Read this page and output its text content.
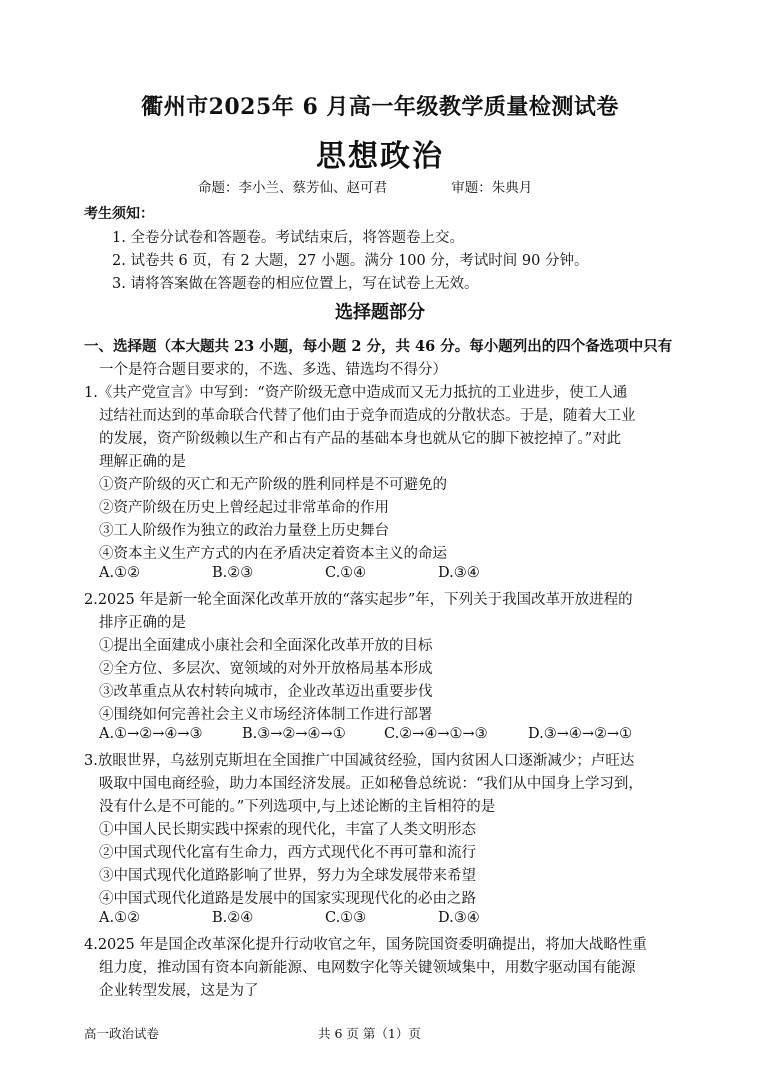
衢州市2025年 6 月高一年级教学质量检测试卷
思想政治
命题：李小兰、蔡芳仙、赵可君	审题：朱典月
考生须知：
1. 全卷分试卷和答题卷。考试结束后，将答题卷上交。
2. 试卷共 6 页，有 2 大题，27 小题。满分 100 分，考试时间 90 分钟。
3. 请将答案做在答题卷的相应位置上，写在试卷上无效。
选择题部分
一、选择题（本大题共 23 小题，每小题 2 分，共 46 分。每小题列出的四个备选项中只有
一个是符合题目要求的，不选、多选、错选均不得分）
1.《共产党宣言》中写到：“资产阶级无意中造成而又无力抵抗的工业进步，使工人通
过结社而达到的革命联合代替了他们由于竞争而造成的分散状态。于是，随着大工业
的发展，资产阶级赖以生产和占有产品的基础本身也就从它的脚下被挖掉了。”对此
理解正确的是
①资产阶级的灭亡和无产阶级的胜利同样是不可避免的
②资产阶级在历史上曾经起过非常革命的作用
③工人阶级作为独立的政治力量登上历史舞台
④资本主义生产方式的内在矛盾决定着资本主义的命运
A.①②	B.②③	C.①④	D.③④
2.2025 年是新一轮全面深化改革开放的“落实起步”年，下列关于我国改革开放进程的
排序正确的是
①提出全面建成小康社会和全面深化改革开放的目标
②全方位、多层次、宽领域的对外开放格局基本形成
③改革重点从农村转向城市，企业改革迈出重要步伐
④围绕如何完善社会主义市场经济体制工作进行部署
A.①→②→④→③	B.③→②→④→①	C.②→④→①→③	D.③→④→②→①
3.放眼世界，乌兹别克斯坦在全国推广中国减贫经验，国内贫困人口逐渐减少；卢旺达
吸取中国电商经验，助力本国经济发展。正如秘鲁总统说：“我们从中国身上学习到，
没有什么是不可能的。”下列选项中,与上述论断的主旨相符的是
①中国人民长期实践中探索的现代化，丰富了人类文明形态
②中国式现代化富有生命力，西方式现代化不再可靠和流行
③中国式现代化道路影响了世界，努力为全球发展带来希望
④中国式现代化道路是发展中的国家实现现代化的必由之路
A.①②	B.②④	C.①③	D.③④
4.2025 年是国企改革深化提升行动收官之年，国务院国资委明确提出，将加大战略性重
组力度，推动国有资本向新能源、电网数字化等关键领域集中，用数字驱动国有能源
企业转型发展，这是为了
高一政治试卷	共 6 页 第（1）页
